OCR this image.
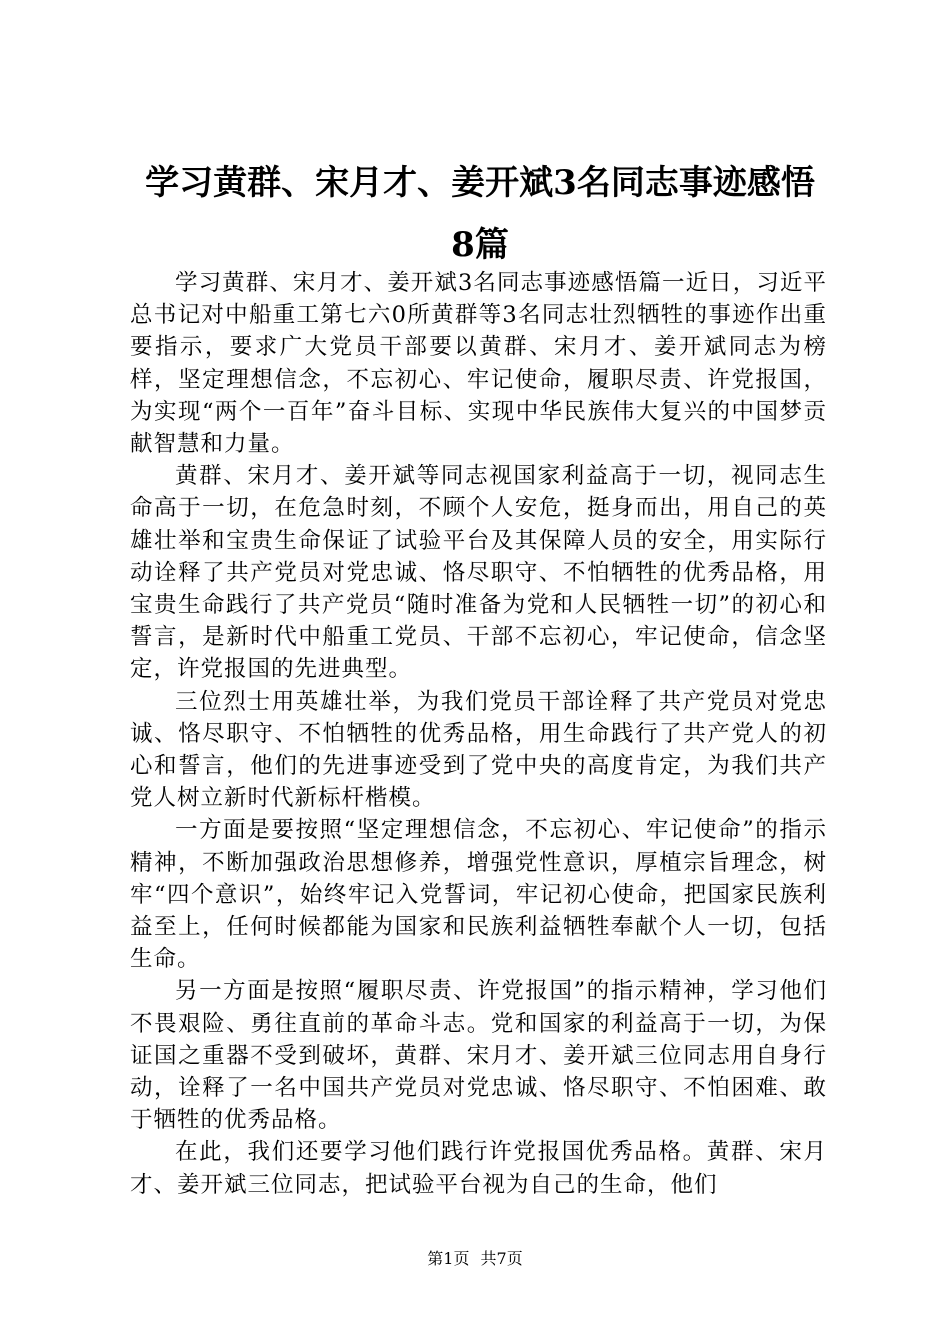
学习黄群、宋月才、姜开斌3名同志事迹感悟
8篇

学习黄群、宋月才、姜开斌3名同志事迹感悟篇一近日，习近平总书记对中船重工第七六0所黄群等3名同志壮烈牺牲的事迹作出重要指示，要求广大党员干部要以黄群、宋月才、姜开斌同志为榜样，坚定理想信念，不忘初心、牢记使命，履职尽责、许党报国，为实现“两个一百年”奋斗目标、实现中华民族伟大复兴的中国梦贡献智慧和力量。

黄群、宋月才、姜开斌等同志视国家利益高于一切，视同志生命高于一切，在危急时刻，不顾个人安危，挺身而出，用自己的英雄壮举和宝贵生命保证了试验平台及其保障人员的安全，用实际行动诠释了共产党员对党忠诚、恪尽职守、不怕牺牲的优秀品格，用宝贵生命践行了共产党员“随时准备为党和人民牺牲一切”的初心和誓言，是新时代中船重工党员、干部不忘初心，牢记使命，信念坚定，许党报国的先进典型。

三位烈士用英雄壮举，为我们党员干部诠释了共产党员对党忠诚、恪尽职守、不怕牺牲的优秀品格，用生命践行了共产党人的初心和誓言，他们的先进事迹受到了党中央的高度肯定，为我们共产党人树立新时代新标杆楷模。

一方面是要按照“坚定理想信念，不忘初心、牢记使命”的指示精神，不断加强政治思想修养，增强党性意识，厚植宗旨理念，树牢“四个意识”，始终牢记入党誓词，牢记初心使命，把国家民族利益至上，任何时候都能为国家和民族利益牺牲奉献个人一切，包括生命。

另一方面是按照“履职尽责、许党报国”的指示精神，学习他们不畏艰险、勇往直前的革命斗志。党和国家的利益高于一切，为保证国之重器不受到破坏，黄群、宋月才、姜开斌三位同志用自身行动，诠释了一名中国共产党员对党忠诚、恪尽职守、不怕困难、敢于牺牲的优秀品格。

在此，我们还要学习他们践行许党报国优秀品格。黄群、宋月才、姜开斌三位同志，把试验平台视为自己的生命，他们

第1页 共7页
